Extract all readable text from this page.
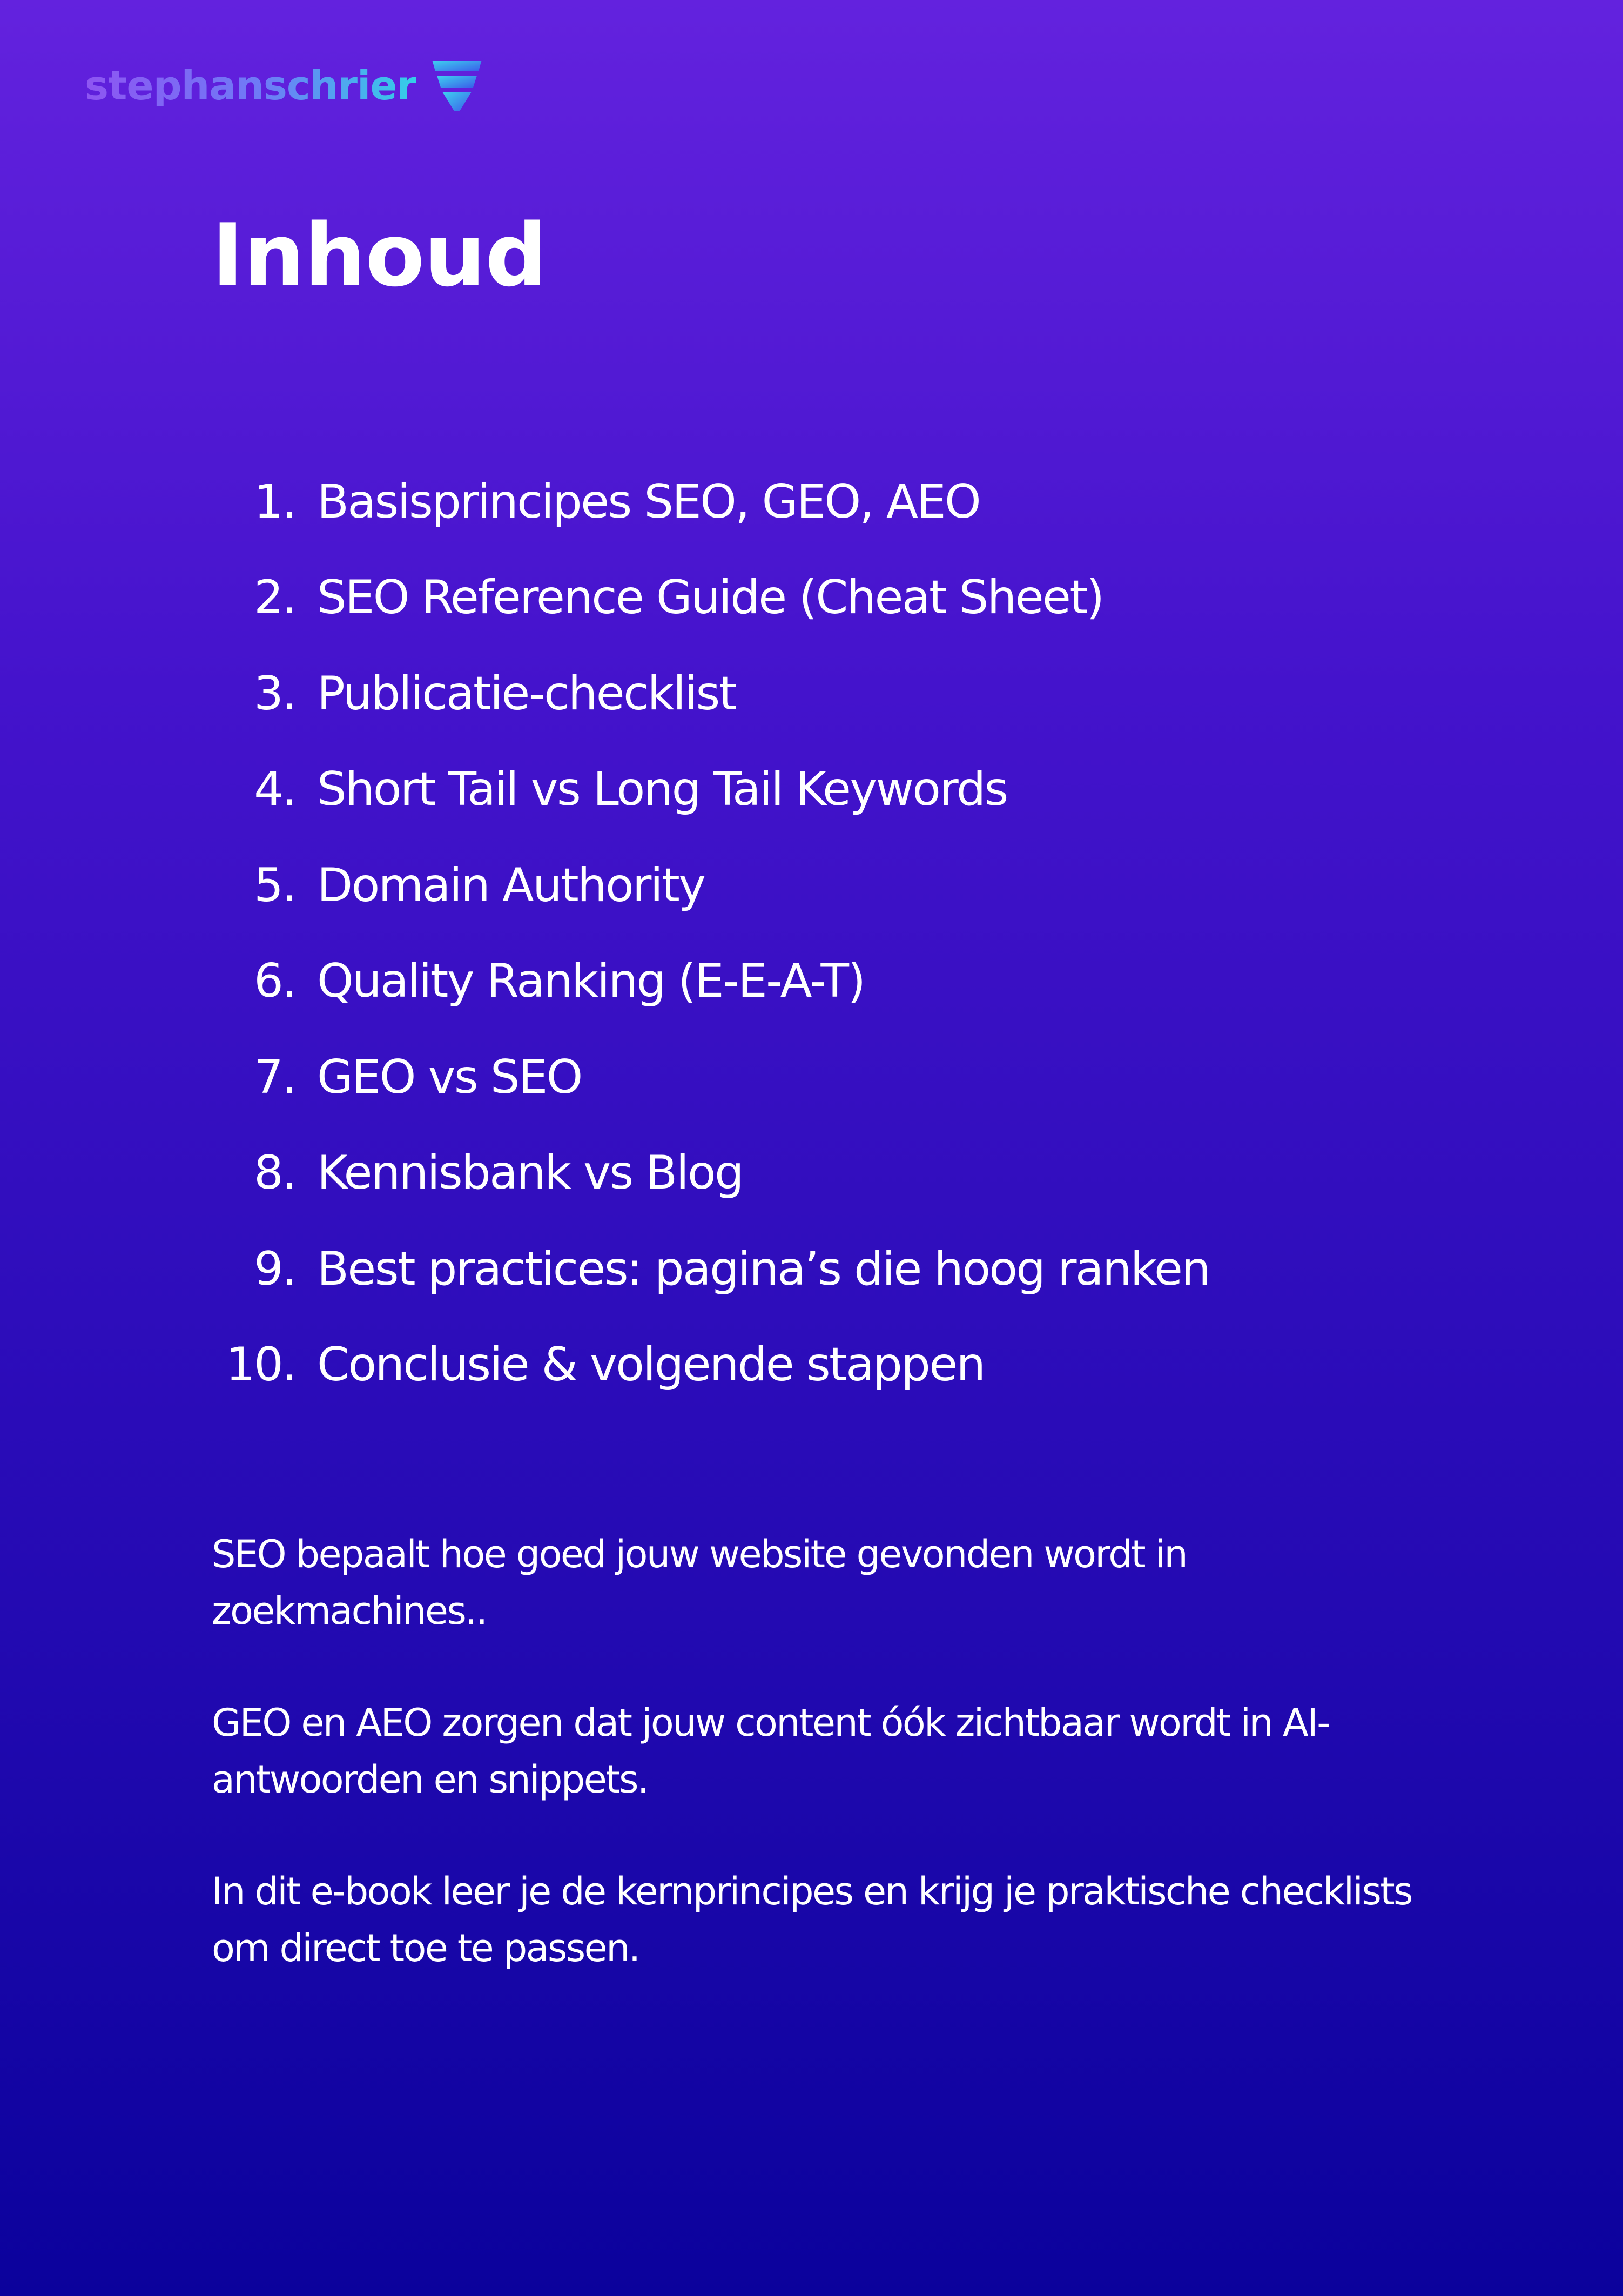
stephanschrier
Inhoud
1. Basisprincipes SEO, GEO, AEO
2. SEO Reference Guide (Cheat Sheet)
3. Publicatie-checklist
4. Short Tail vs Long Tail Keywords
5. Domain Authority
6. Quality Ranking (E-E-A-T)
7. GEO vs SEO
8. Kennisbank vs Blog
9. Best practices: pagina’s die hoog ranken
10. Conclusie & volgende stappen

SEO bepaalt hoe goed jouw website gevonden wordt in zoekmachines..

GEO en AEO zorgen dat jouw content óók zichtbaar wordt in AI-antwoorden en snippets.

In dit e-book leer je de kernprincipes en krijg je praktische checklists om direct toe te passen.
